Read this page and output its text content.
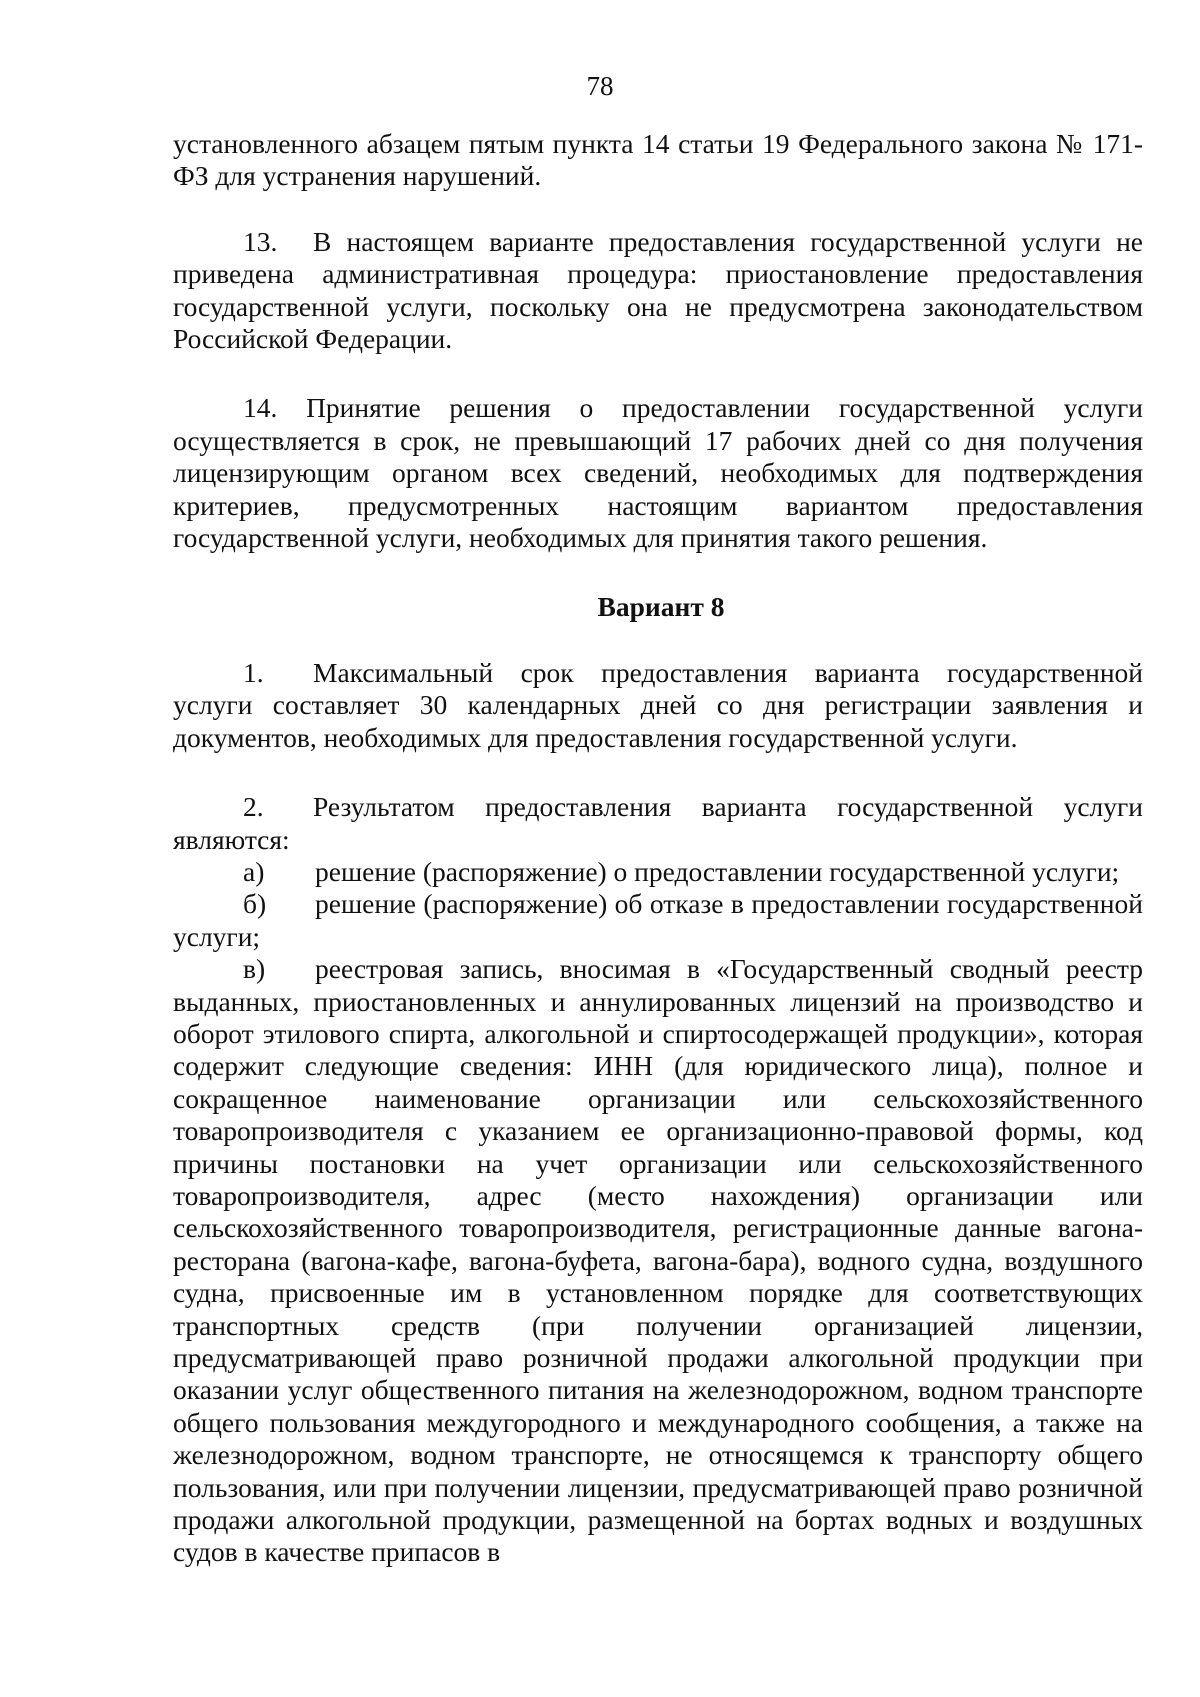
78

установленного абзацем пятым пункта 14 статьи 19 Федерального закона № 171-ФЗ для устранения нарушений.

13. В настоящем варианте предоставления государственной услуги не приведена административная процедура: приостановление предоставления государственной услуги, поскольку она не предусмотрена законодательством Российской Федерации.

14. Принятие решения о предоставлении государственной услуги осуществляется в срок, не превышающий 17 рабочих дней со дня получения лицензирующим органом всех сведений, необходимых для подтверждения критериев, предусмотренных настоящим вариантом предоставления государственной услуги, необходимых для принятия такого решения.

Вариант 8

1. Максимальный срок предоставления варианта государственной услуги составляет 30 календарных дней со дня регистрации заявления и документов, необходимых для предоставления государственной услуги.

2. Результатом предоставления варианта государственной услуги являются:

а) решение (распоряжение) о предоставлении государственной услуги;

б) решение (распоряжение) об отказе в предоставлении государственной услуги;

в) реестровая запись, вносимая в «Государственный сводный реестр выданных, приостановленных и аннулированных лицензий на производство и оборот этилового спирта, алкогольной и спиртосодержащей продукции», которая содержит следующие сведения: ИНН (для юридического лица), полное и сокращенное наименование организации или сельскохозяйственного товаропроизводителя с указанием ее организационно-правовой формы, код причины постановки на учет организации или сельскохозяйственного товаропроизводителя, адрес (место нахождения) организации или сельскохозяйственного товаропроизводителя, регистрационные данные вагона-ресторана (вагона-кафе, вагона-буфета, вагона-бара), водного судна, воздушного судна, присвоенные им в установленном порядке для соответствующих транспортных средств (при получении организацией лицензии, предусматривающей право розничной продажи алкогольной продукции при оказании услуг общественного питания на железнодорожном, водном транспорте общего пользования междугородного и международного сообщения, а также на железнодорожном, водном транспорте, не относящемся к транспорту общего пользования, или при получении лицензии, предусматривающей право розничной продажи алкогольной продукции, размещенной на бортах водных и воздушных судов в качестве припасов в
